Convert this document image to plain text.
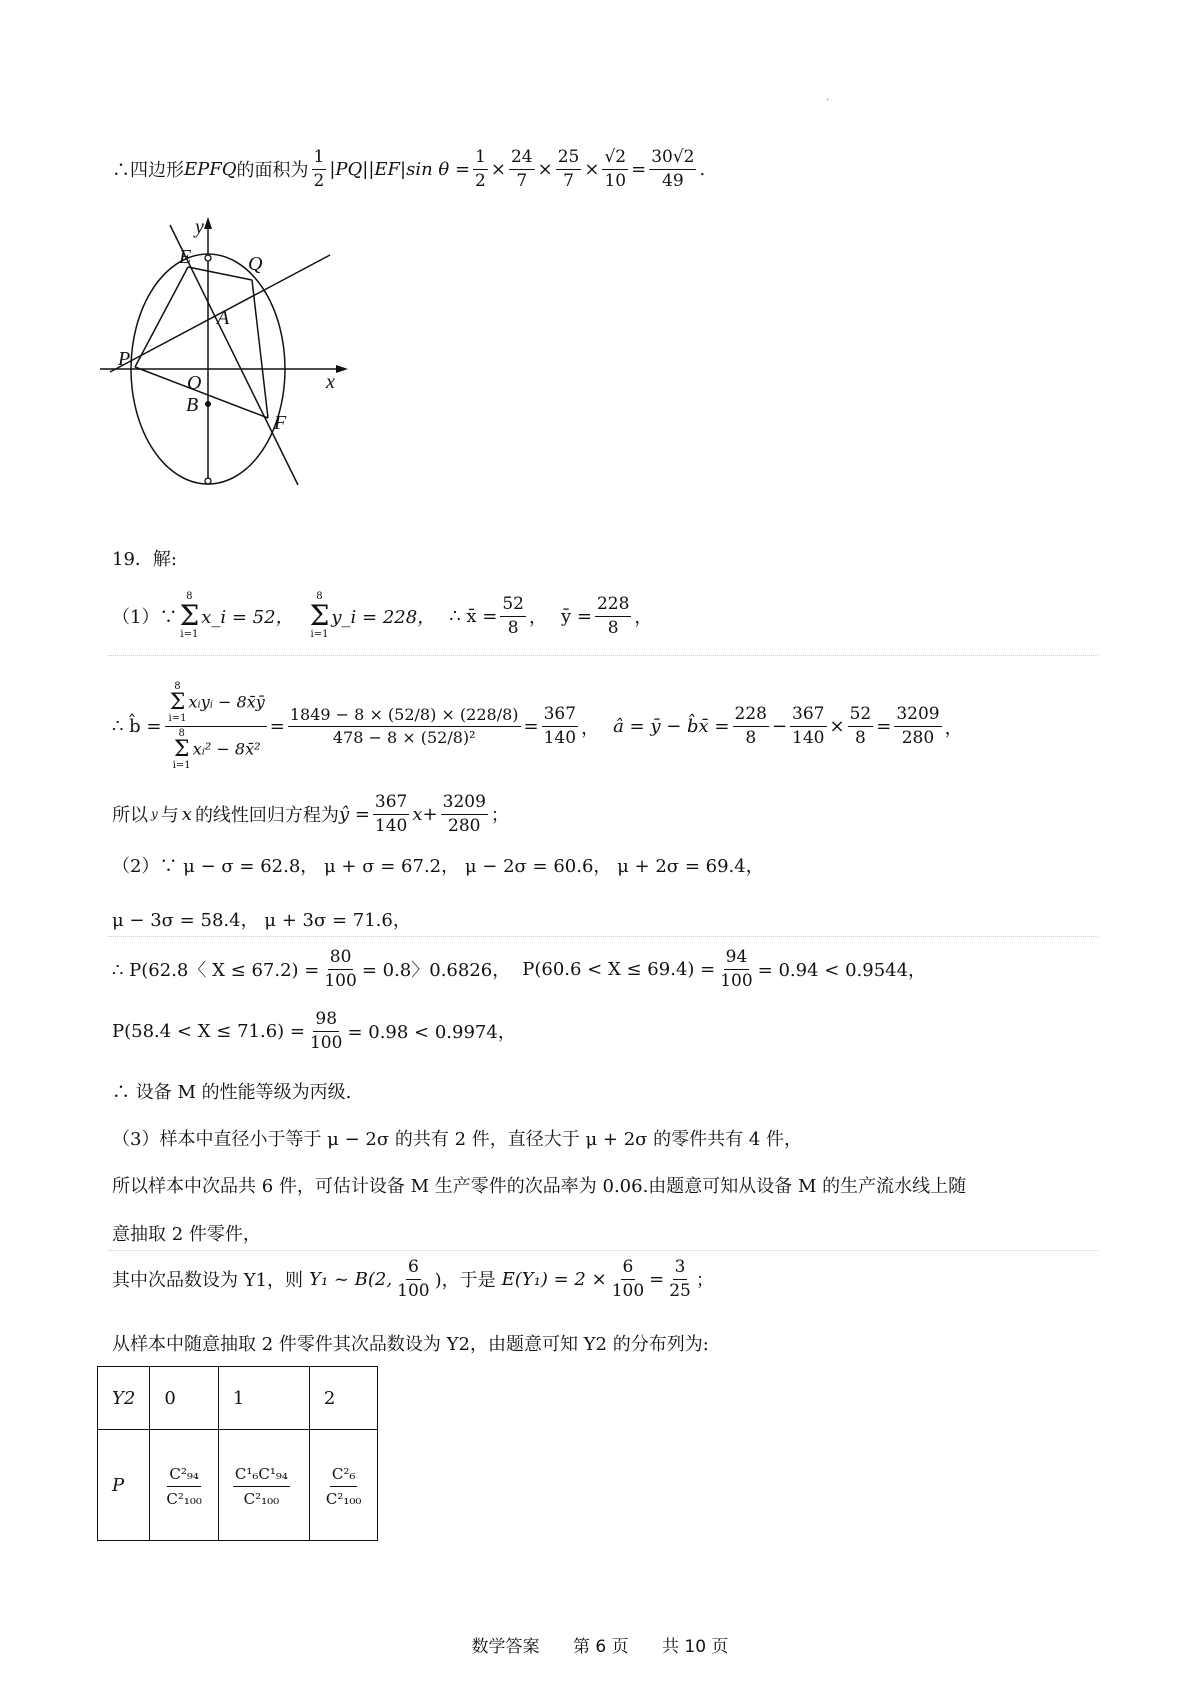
.
∴四边形 EPFQ 的面积为
1
2
|PQ||EF|sin $\theta = \frac{1}{2}$ ×
24
7
×
25
7
×
√2
10
=
30√2
49
.
y
x
E	Q
A
P
O
B
F
19．解:
（1）∵
8
Σ
i=1
x_i = 52，
8
Σ
i=1
y_i = 228， ∴ x̄ = $\frac{52}{8}$ ， ȳ = $\frac{228}{8}$ ，
∴ b̂ =
8
Σ
i=1
xᵢyᵢ − 8x̄ȳ
8
Σ
i=1
xᵢ² − 8x̄²
=
1849 − 8 × (52/8) × (228/8)
478 − 8 × (52/8)²
=
367
140 ， â = ȳ − b̂x̄ = $\frac{228}{8}$ −
367
140
×
52
8
=
3209
280 ，
所以 y 与 x 的线性回归方程为 ŷ = $\frac{367}{140}$ x +
3209
280 ；
（2）∵ μ − σ = 62.8， μ + σ = 67.2， μ − 2σ = 60.6， μ + 2σ = 69.4，
μ − 3σ = 58.4， μ + 3σ = 71.6，
∴ P(62.8〈 $X \le 67.2) = \frac{80}{100} = 0.8$〉0.6826， $P(60.6 < X \le 69.4) = \frac{94}{100} = 0.94 < 0.9544$，
$P(58.4 < X \le 71.6) = \frac{98}{100} = 0.98 < 0.9974$，
∴ 设备 M 的性能等级为丙级.
（3）样本中直径小于等于 μ − 2σ 的共有 2 件，直径大于 μ + 2σ 的零件共有 4 件，
所以样本中次品共 6 件，可估计设备 M 生产零件的次品率为 0.06.由题意可知从设备 M 的生产流水线上随
意抽取 2 件零件，
其中次品数设为 Y1，则 Y₁ ~ B(2,
6
100 )，于是 $E(Y_1) = 2 \times \frac{6}{100} = \frac{3}{25}$ ；
从样本中随意抽取 2 件零件其次品数设为 Y2，由题意可知 Y2 的分布列为:
Y2	0	1	2
P	$\frac{\text{C²₉₄}}{\text{C²₁₀₀}}$	$\frac{\text{C¹₆C¹₉₄}}{\text{C²₁₀₀}}$	$\frac{\text{C²₆}}{\text{C²₁₀₀}}$
数学答案 第 6 页 共 10 页
